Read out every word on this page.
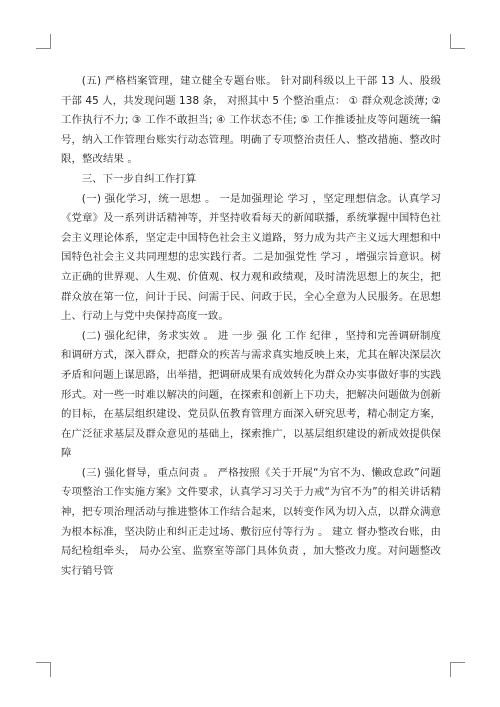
(五) 严格档案管理，建立健全专题台账。 针对副科级以上干部 13 人、股级干部 45 人，共发现问题 138 条， 对照其中 5 个整治重点： ① 群众观念淡薄; ② 工作执行不力; ③ 工作不敢担当; ④ 工作状态不佳; ⑤ 工作推诿扯皮等问题统一编号，纳入工作管理台账实行动态管理。明确了专项整治责任人、整改措施、整改时限，整改结果 。

三、下一步自纠工作打算

(一) 强化学习，统一思想 。 一是加强理论 学习 ，坚定理想信念。认真学习《党章》及一系列讲话精神等，并坚持收看每天的新闻联播，系统掌握中国特色社会主义理论体系，坚定走中国特色社会主义道路，努力成为共产主义远大理想和中国特色社会主义共同理想的忠实践行者。二是加强党性 学习 ，增强宗旨意识。树立正确的世界观、人生观、价值观、权力观和政绩观，及时清洗思想上的灰尘，把群众放在第一位，问计于民、问需于民、问政于民，全心全意为人民服务。在思想上、行动上与党中央保持高度一致。

(二) 强化纪律，务求实效 。 进 一步 强 化 工作 纪律 ，坚持和完善调研制度和调研方式，深入群众，把群众的疾苦与需求真实地反映上来，尤其在解决深层次矛盾和问题上谋思路，出举措，把调研成果有成效转化为群众办实事做好事的实践形式。对一些一时难以解决的问题，在探索和创新上下功夫，把解决问题做为创新的目标，在基层组织建设、党员队伍教育管理方面深入研究思考，精心制定方案，在广泛征求基层及群众意见的基础上，探索推广，以基层组织建设的新成效提供保障

(三) 强化督导，重点问责 。 严格按照《关于开展“为官不为、懒政怠政”问题专项整治工作实施方案》文件要求，认真学习习关于力戒“为官不为”的相关讲话精神，把专项治理活动与推进整体工作结合起来，以转变作风为切入点，以群众满意为根本标准，坚决防止和纠正走过场、敷衍应付等行为 。 建立 督办整改台账，由 局纪检组牵头， 局办公室、监察室等部门具体负责 ，加大整改力度。对问题整改实行销号管
